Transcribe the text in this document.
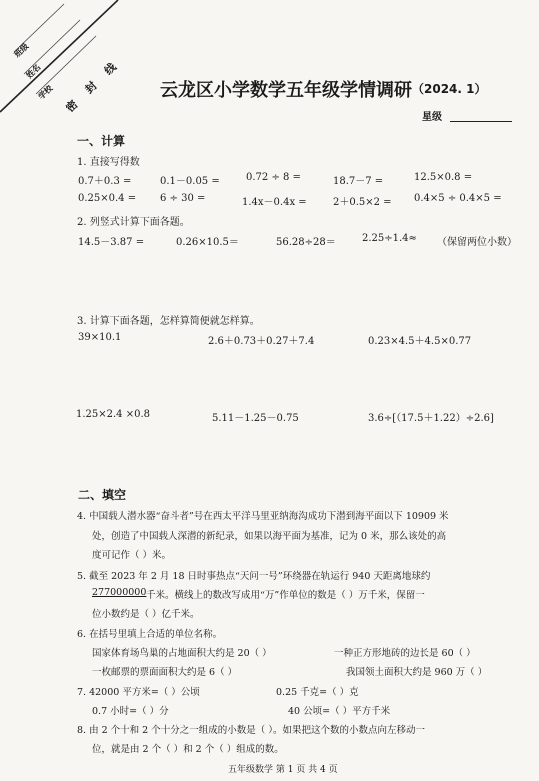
班级
姓名
学校 密 封 线 云龙区小学数学五年级学情调研 （2024. 1）
星级
一、计算
1. 直接写得数
0.7＋0.3 =	0.1－0.05 =	0.72 ÷ 8 =	18.7－7 =	12.5×0.8 =
0.25×0.4 = 6 ÷ 30 =	1.4x－0.4x =	2＋0.5×2 = 0.4×5 ÷ 0.4×5 =
2. 列竖式计算下面各题。
14.5－3.87 =	0.26×10.5＝	56.28÷28＝	2.25÷1.4≈ （保留两位小数）
3. 计算下面各题，怎样算简便就怎样算。
39×10.1	2.6＋0.73＋0.27＋7.4	0.23×4.5＋4.5×0.77
1.25×2.4 ×0.8	5.11－1.25－0.75	3.6÷[（17.5＋1.22）÷2.6]
二、填空
4. 中国载人潜水器“奋斗者”号在西太平洋马里亚纳海沟成功下潜到海平面以下 10909 米
处，创造了中国载人深潜的新纪录，如果以海平面为基准，记为 0 米，那么该处的高
度可记作（ ）米。
5. 截至 2023 年 2 月 18 日时事热点“天问一号”环绕器在轨运行 940 天距离地球约
277000000 千米。横线上的数改写成用“万”作单位的数是（ ）万千米，保留一
位小数约是（ ）亿千米。
6. 在括号里填上合适的单位名称。
国家体育场鸟巢的占地面积大约是 20（ ）	一种正方形地砖的边长是 60（ ）
一枚邮票的票面面积大约是 6（ ）	我国领土面积大约是 960 万（ ）
7. 42000 平方米=（ ）公顷	0.25 千克=（ ）克
0.7 小时=（ ）分	40 公顷=（ ）平方千米
8. 由 2 个十和 2 个十分之一组成的小数是（ ）。如果把这个数的小数点向左移动一
位，就是由 2 个（ ）和 2 个（ ）组成的数。
五年级数学 第 1 页 共 4 页
